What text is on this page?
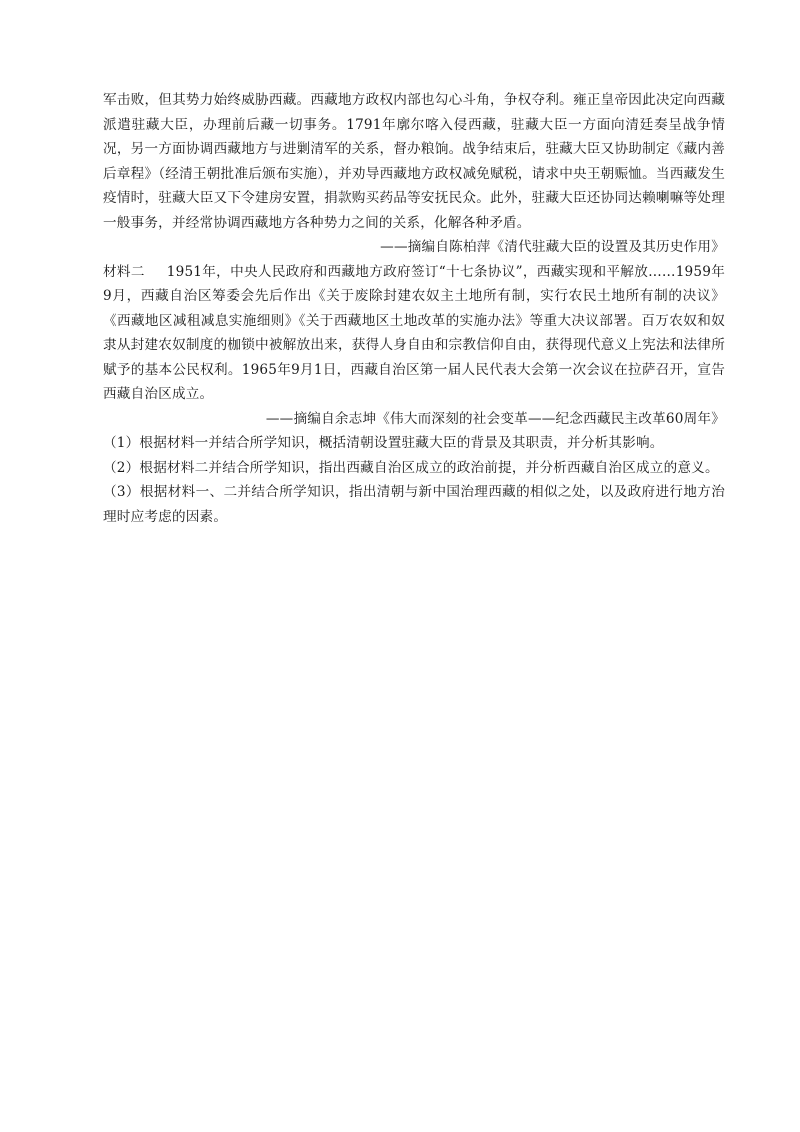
军击败，但其势力始终威胁西藏。西藏地方政权内部也勾心斗角，争权夺利。雍正皇帝因此决定向西藏派遣驻藏大臣，办理前后藏一切事务。1791年廓尔喀入侵西藏，驻藏大臣一方面向清廷奏呈战争情况，另一方面协调西藏地方与进剿清军的关系，督办粮饷。战争结束后，驻藏大臣又协助制定《藏内善后章程》（经清王朝批准后颁布实施），并劝导西藏地方政权减免赋税，请求中央王朝赈恤。当西藏发生疫情时，驻藏大臣又下令建房安置，捐款购买药品等安抚民众。此外，驻藏大臣还协同达赖喇嘛等处理一般事务，并经常协调西藏地方各种势力之间的关系，化解各种矛盾。

——摘编自陈柏萍《清代驻藏大臣的设置及其历史作用》

材料二 1951年，中央人民政府和西藏地方政府签订“十七条协议”，西藏实现和平解放……1959年9月，西藏自治区筹委会先后作出《关于废除封建农奴主土地所有制，实行农民土地所有制的决议》《西藏地区减租减息实施细则》《关于西藏地区土地改革的实施办法》等重大决议部署。百万农奴和奴隶从封建农奴制度的枷锁中被解放出来，获得人身自由和宗教信仰自由，获得现代意义上宪法和法律所赋予的基本公民权利。1965年9月1日，西藏自治区第一届人民代表大会第一次会议在拉萨召开，宣告西藏自治区成立。

——摘编自余志坤《伟大而深刻的社会变革——纪念西藏民主改革60周年》

（1）根据材料一并结合所学知识，概括清朝设置驻藏大臣的背景及其职责，并分析其影响。

（2）根据材料二并结合所学知识，指出西藏自治区成立的政治前提，并分析西藏自治区成立的意义。

（3）根据材料一、二并结合所学知识，指出清朝与新中国治理西藏的相似之处，以及政府进行地方治理时应考虑的因素。
